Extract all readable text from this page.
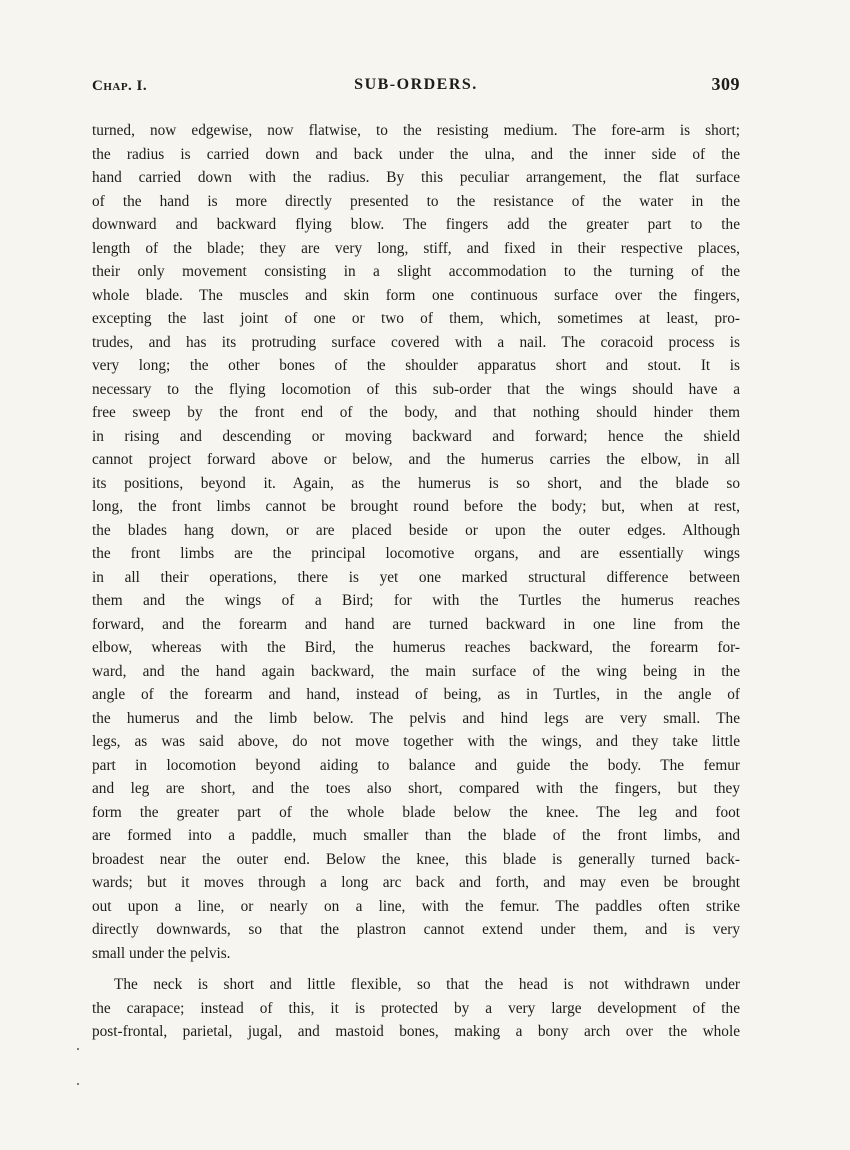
Chap. I.	SUB-ORDERS.	309
turned, now edgewise, now flatwise, to the resisting medium. The fore-arm is short;
the radius is carried down and back under the ulna, and the inner side of the
hand carried down with the radius. By this peculiar arrangement, the flat surface
of the hand is more directly presented to the resistance of the water in the
downward and backward flying blow. The fingers add the greater part to the
length of the blade; they are very long, stiff, and fixed in their respective places,
their only movement consisting in a slight accommodation to the turning of the
whole blade. The muscles and skin form one continuous surface over the fingers,
excepting the last joint of one or two of them, which, sometimes at least, pro-
trudes, and has its protruding surface covered with a nail. The coracoid process is
very long; the other bones of the shoulder apparatus short and stout. It is
necessary to the flying locomotion of this sub-order that the wings should have a
free sweep by the front end of the body, and that nothing should hinder them
in rising and descending or moving backward and forward; hence the shield
cannot project forward above or below, and the humerus carries the elbow, in all
its positions, beyond it. Again, as the humerus is so short, and the blade so
long, the front limbs cannot be brought round before the body; but, when at rest,
the blades hang down, or are placed beside or upon the outer edges. Although
the front limbs are the principal locomotive organs, and are essentially wings
in all their operations, there is yet one marked structural difference between
them and the wings of a Bird; for with the Turtles the humerus reaches
forward, and the forearm and hand are turned backward in one line from the
elbow, whereas with the Bird, the humerus reaches backward, the forearm for-
ward, and the hand again backward, the main surface of the wing being in the
angle of the forearm and hand, instead of being, as in Turtles, in the angle of
the humerus and the limb below. The pelvis and hind legs are very small. The
legs, as was said above, do not move together with the wings, and they take little
part in locomotion beyond aiding to balance and guide the body. The femur
and leg are short, and the toes also short, compared with the fingers, but they
form the greater part of the whole blade below the knee. The leg and foot
are formed into a paddle, much smaller than the blade of the front limbs, and
broadest near the outer end. Below the knee, this blade is generally turned back-
wards; but it moves through a long arc back and forth, and may even be brought
out upon a line, or nearly on a line, with the femur. The paddles often strike
directly downwards, so that the plastron cannot extend under them, and is very
small under the pelvis.
The neck is short and little flexible, so that the head is not withdrawn under
the carapace; instead of this, it is protected by a very large development of the
post-frontal, parietal, jugal, and mastoid bones, making a bony arch over the whole
